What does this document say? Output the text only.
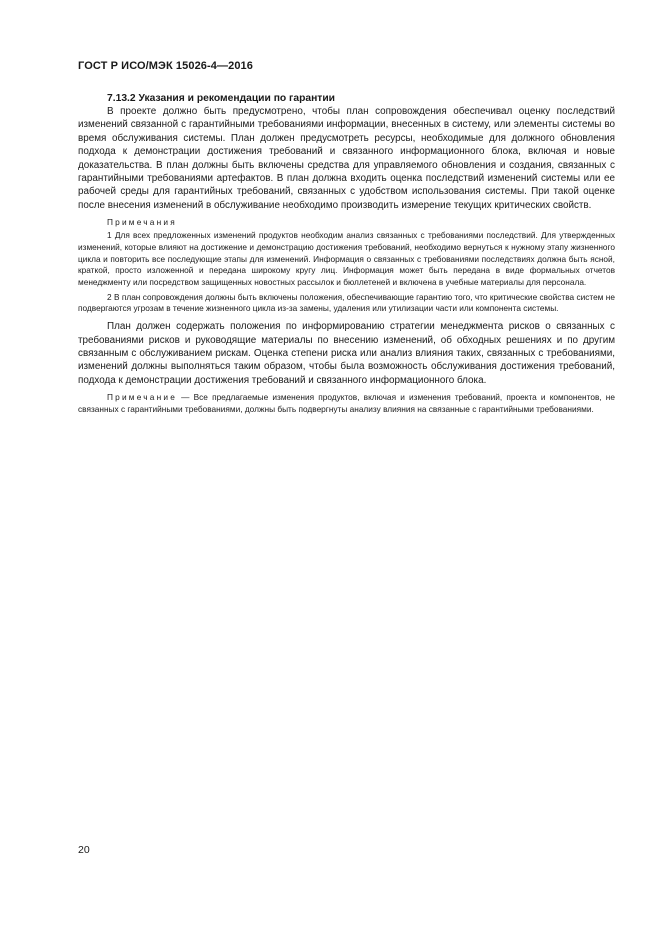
ГОСТ Р ИСО/МЭК 15026-4—2016
7.13.2 Указания и рекомендации по гарантии

В проекте должно быть предусмотрено, чтобы план сопровождения обеспечивал оценку последствий изменений связанной с гарантийными требованиями информации, внесенных в систему, или элементы системы во время обслуживания системы. План должен предусмотреть ресурсы, необходимые для должного обновления подхода к демонстрации достижения требований и связанного информационного блока, включая и новые доказательства. В план должны быть включены средства для управляемого обновления и создания, связанных с гарантийными требованиями артефактов. В план должна входить оценка последствий изменений системы или ее рабочей среды для гарантийных требований, связанных с удобством использования системы. При такой оценке после внесения изменений в обслуживание необходимо производить измерение текущих критических свойств.

Примечания

1 Для всех предложенных изменений продуктов необходим анализ связанных с требованиями последствий. Для утвержденных изменений, которые влияют на достижение и демонстрацию достижения требований, необходимо вернуться к нужному этапу жизненного цикла и повторить все последующие этапы для изменений. Информация о связанных с требованиями последствиях должна быть ясной, краткой, просто изложенной и передана широкому кругу лиц. Информация может быть передана в виде формальных отчетов менеджменту или посредством защищенных новостных рассылок и бюллетеней и включена в учебные материалы для персонала.

2 В план сопровождения должны быть включены положения, обеспечивающие гарантию того, что критические свойства систем не подвергаются угрозам в течение жизненного цикла из-за замены, удаления или утилизации части или компонента системы.

План должен содержать положения по информированию стратегии менеджмента рисков о связанных с требованиями рисков и руководящие материалы по внесению изменений, об обходных решениях и по другим связанным с обслуживанием рискам. Оценка степени риска или анализ влияния таких, связанных с требованиями, изменений должны выполняться таким образом, чтобы была возможность обслуживания достижения требований, подхода к демонстрации достижения требований и связанного информационного блока.

Примечание — Все предлагаемые изменения продуктов, включая и изменения требований, проекта и компонентов, не связанных с гарантийными требованиями, должны быть подвергнуты анализу влияния на связанные с гарантийными требованиями.

20
